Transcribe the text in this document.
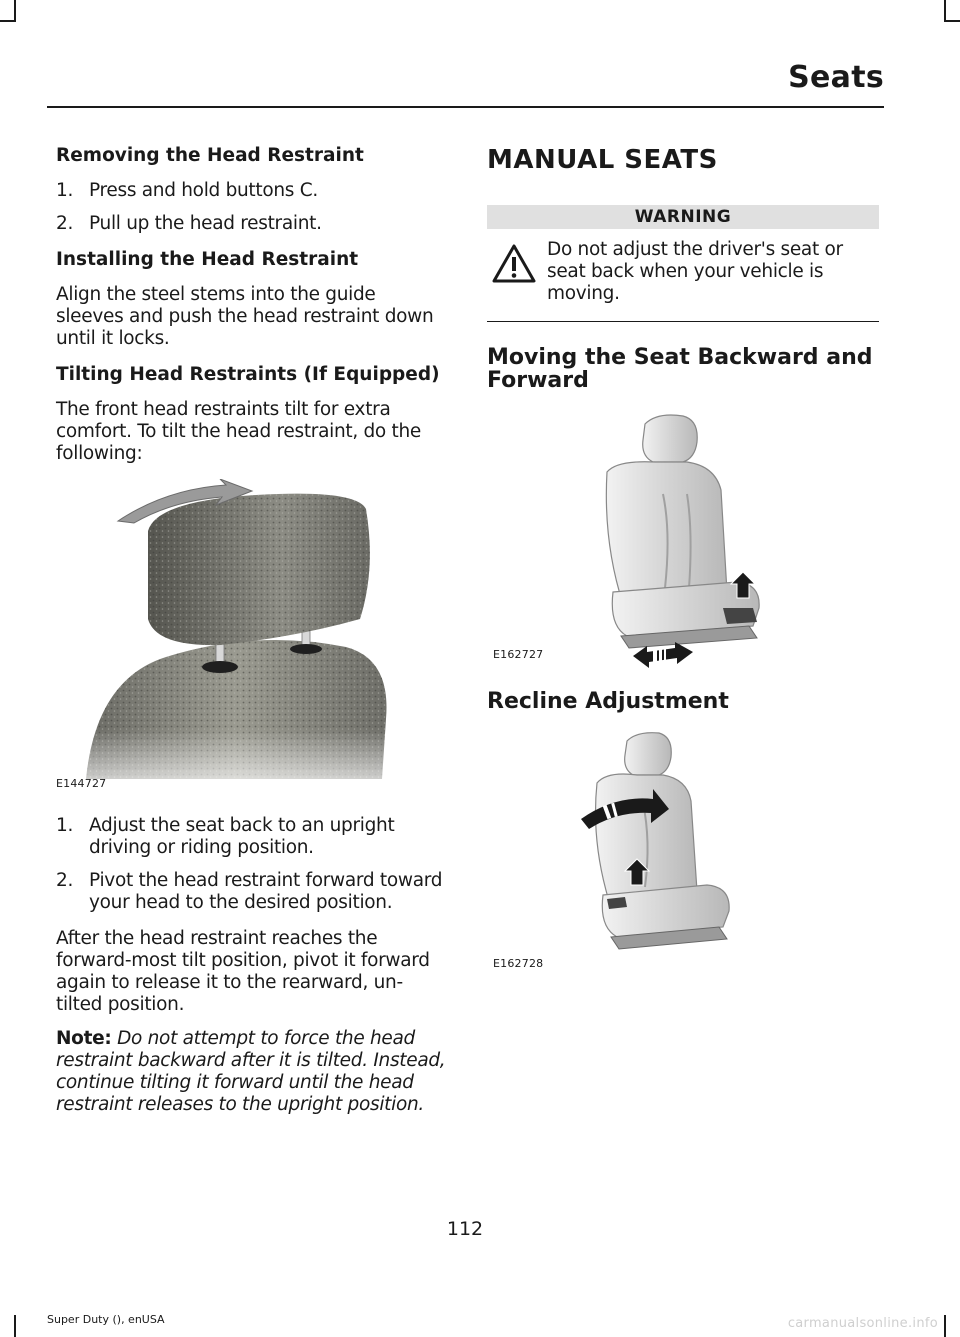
Seats
Removing the Head Restraint
1. Press and hold buttons C.
2. Pull up the head restraint.
Installing the Head Restraint

Align the steel stems into the guide sleeves and push the head restraint down until it locks.

Tilting Head Restraints (If Equipped)

The front head restraints tilt for extra comfort. To tilt the head restraint, do the following:

E144727
1. Adjust the seat back to an upright driving or riding position.
2. Pivot the head restraint forward toward your head to the desired position.

After the head restraint reaches the forward-most tilt position, pivot it forward again to release it to the rearward, un-tilted position.

Note: Do not attempt to force the head restraint backward after it is tilted. Instead, continue tilting it forward until the head restraint releases to the upright position.

MANUAL SEATS
WARNING
Do not adjust the driver's seat or seat back when your vehicle is moving.
Moving the Seat Backward and Forward
E162727
Recline Adjustment
E162728
112
Super Duty (), enUSA	carmanualsonline.info
